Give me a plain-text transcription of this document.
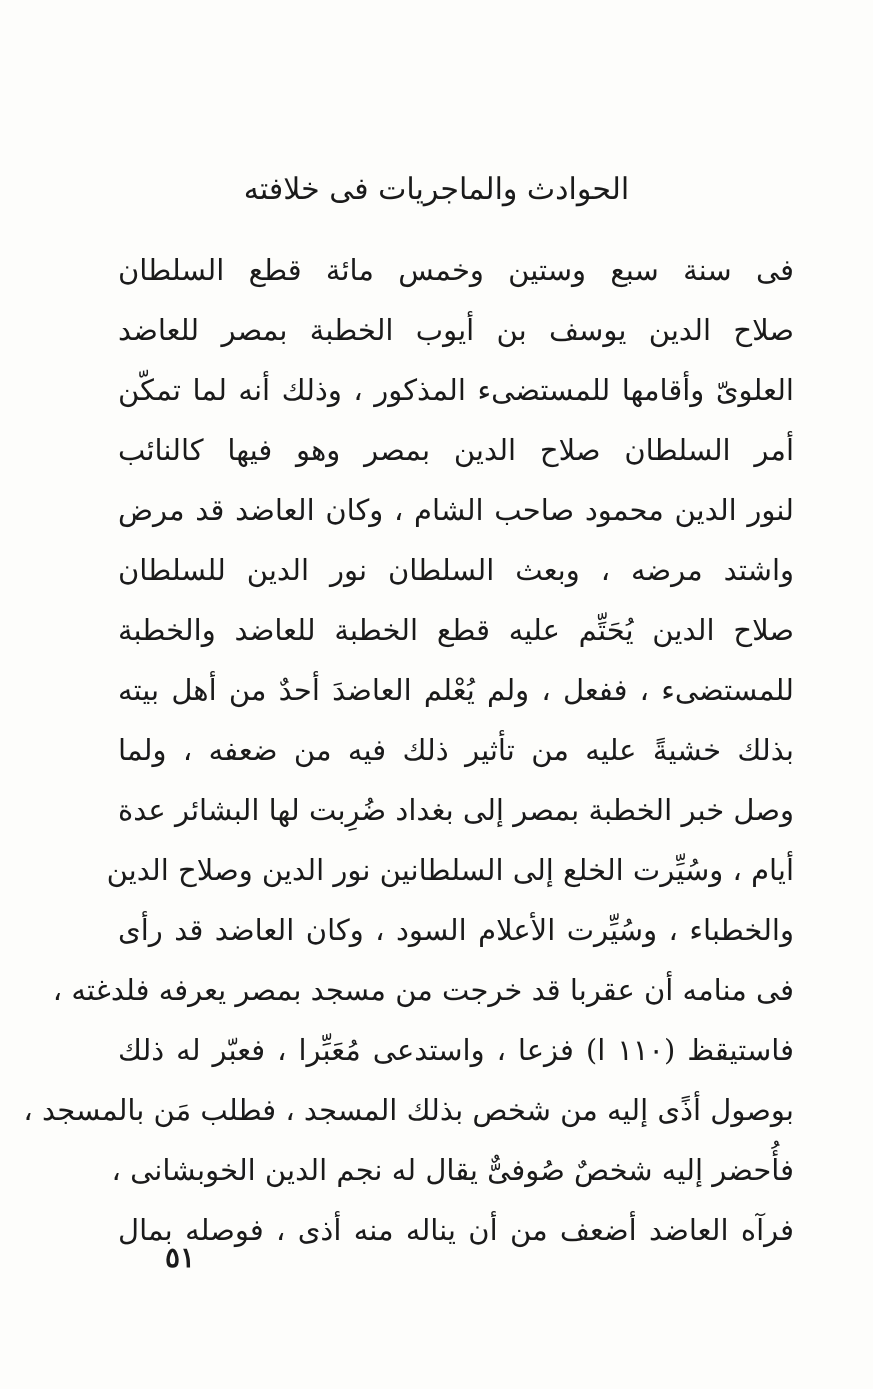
الحوادث والماجريات فى خلافته
فى سنة سبع وستين وخمس مائة قطع السلطان
صلاح الدين يوسف بن أيوب الخطبة بمصر للعاضد
العلوىّ وأقامها للمستضىء المذكور ، وذلك أنه لما تمكّن
أمر السلطان صلاح الدين بمصر وهو فيها كالنائب
لنور الدين محمود صاحب الشام ، وكان العاضد قد مرض
واشتد مرضه ، وبعث السلطان نور الدين للسلطان
صلاح الدين يُحَتِّم عليه قطع الخطبة للعاضد والخطبة
للمستضىء ، ففعل ، ولم يُعْلم العاضدَ أحدٌ من أهل بيته
بذلك خشيةً عليه من تأثير ذلك فيه من ضعفه ، ولما
وصل خبر الخطبة بمصر إلى بغداد ضُرِبت لها البشائر عدة
أيام ، وسُيِّرت الخلع إلى السلطانين نور الدين وصلاح الدين
والخطباء ، وسُيِّرت الأعلام السود ، وكان العاضد قد رأى
فى منامه أن عقربا قد خرجت من مسجد بمصر يعرفه فلدغته ،
فاستيقظ (١١٠ ا) فزعا ، واستدعى مُعَبِّرا ، فعبّر له ذلك
بوصول أذًى إليه من شخص بذلك المسجد ، فطلب مَن بالمسجد ،
فأُحضر إليه شخصٌ صُوفىٌّ يقال له نجم الدين الخوبشانى ،
فرآه العاضد أضعف من أن يناله منه أذى ، فوصله بمال
٥١
